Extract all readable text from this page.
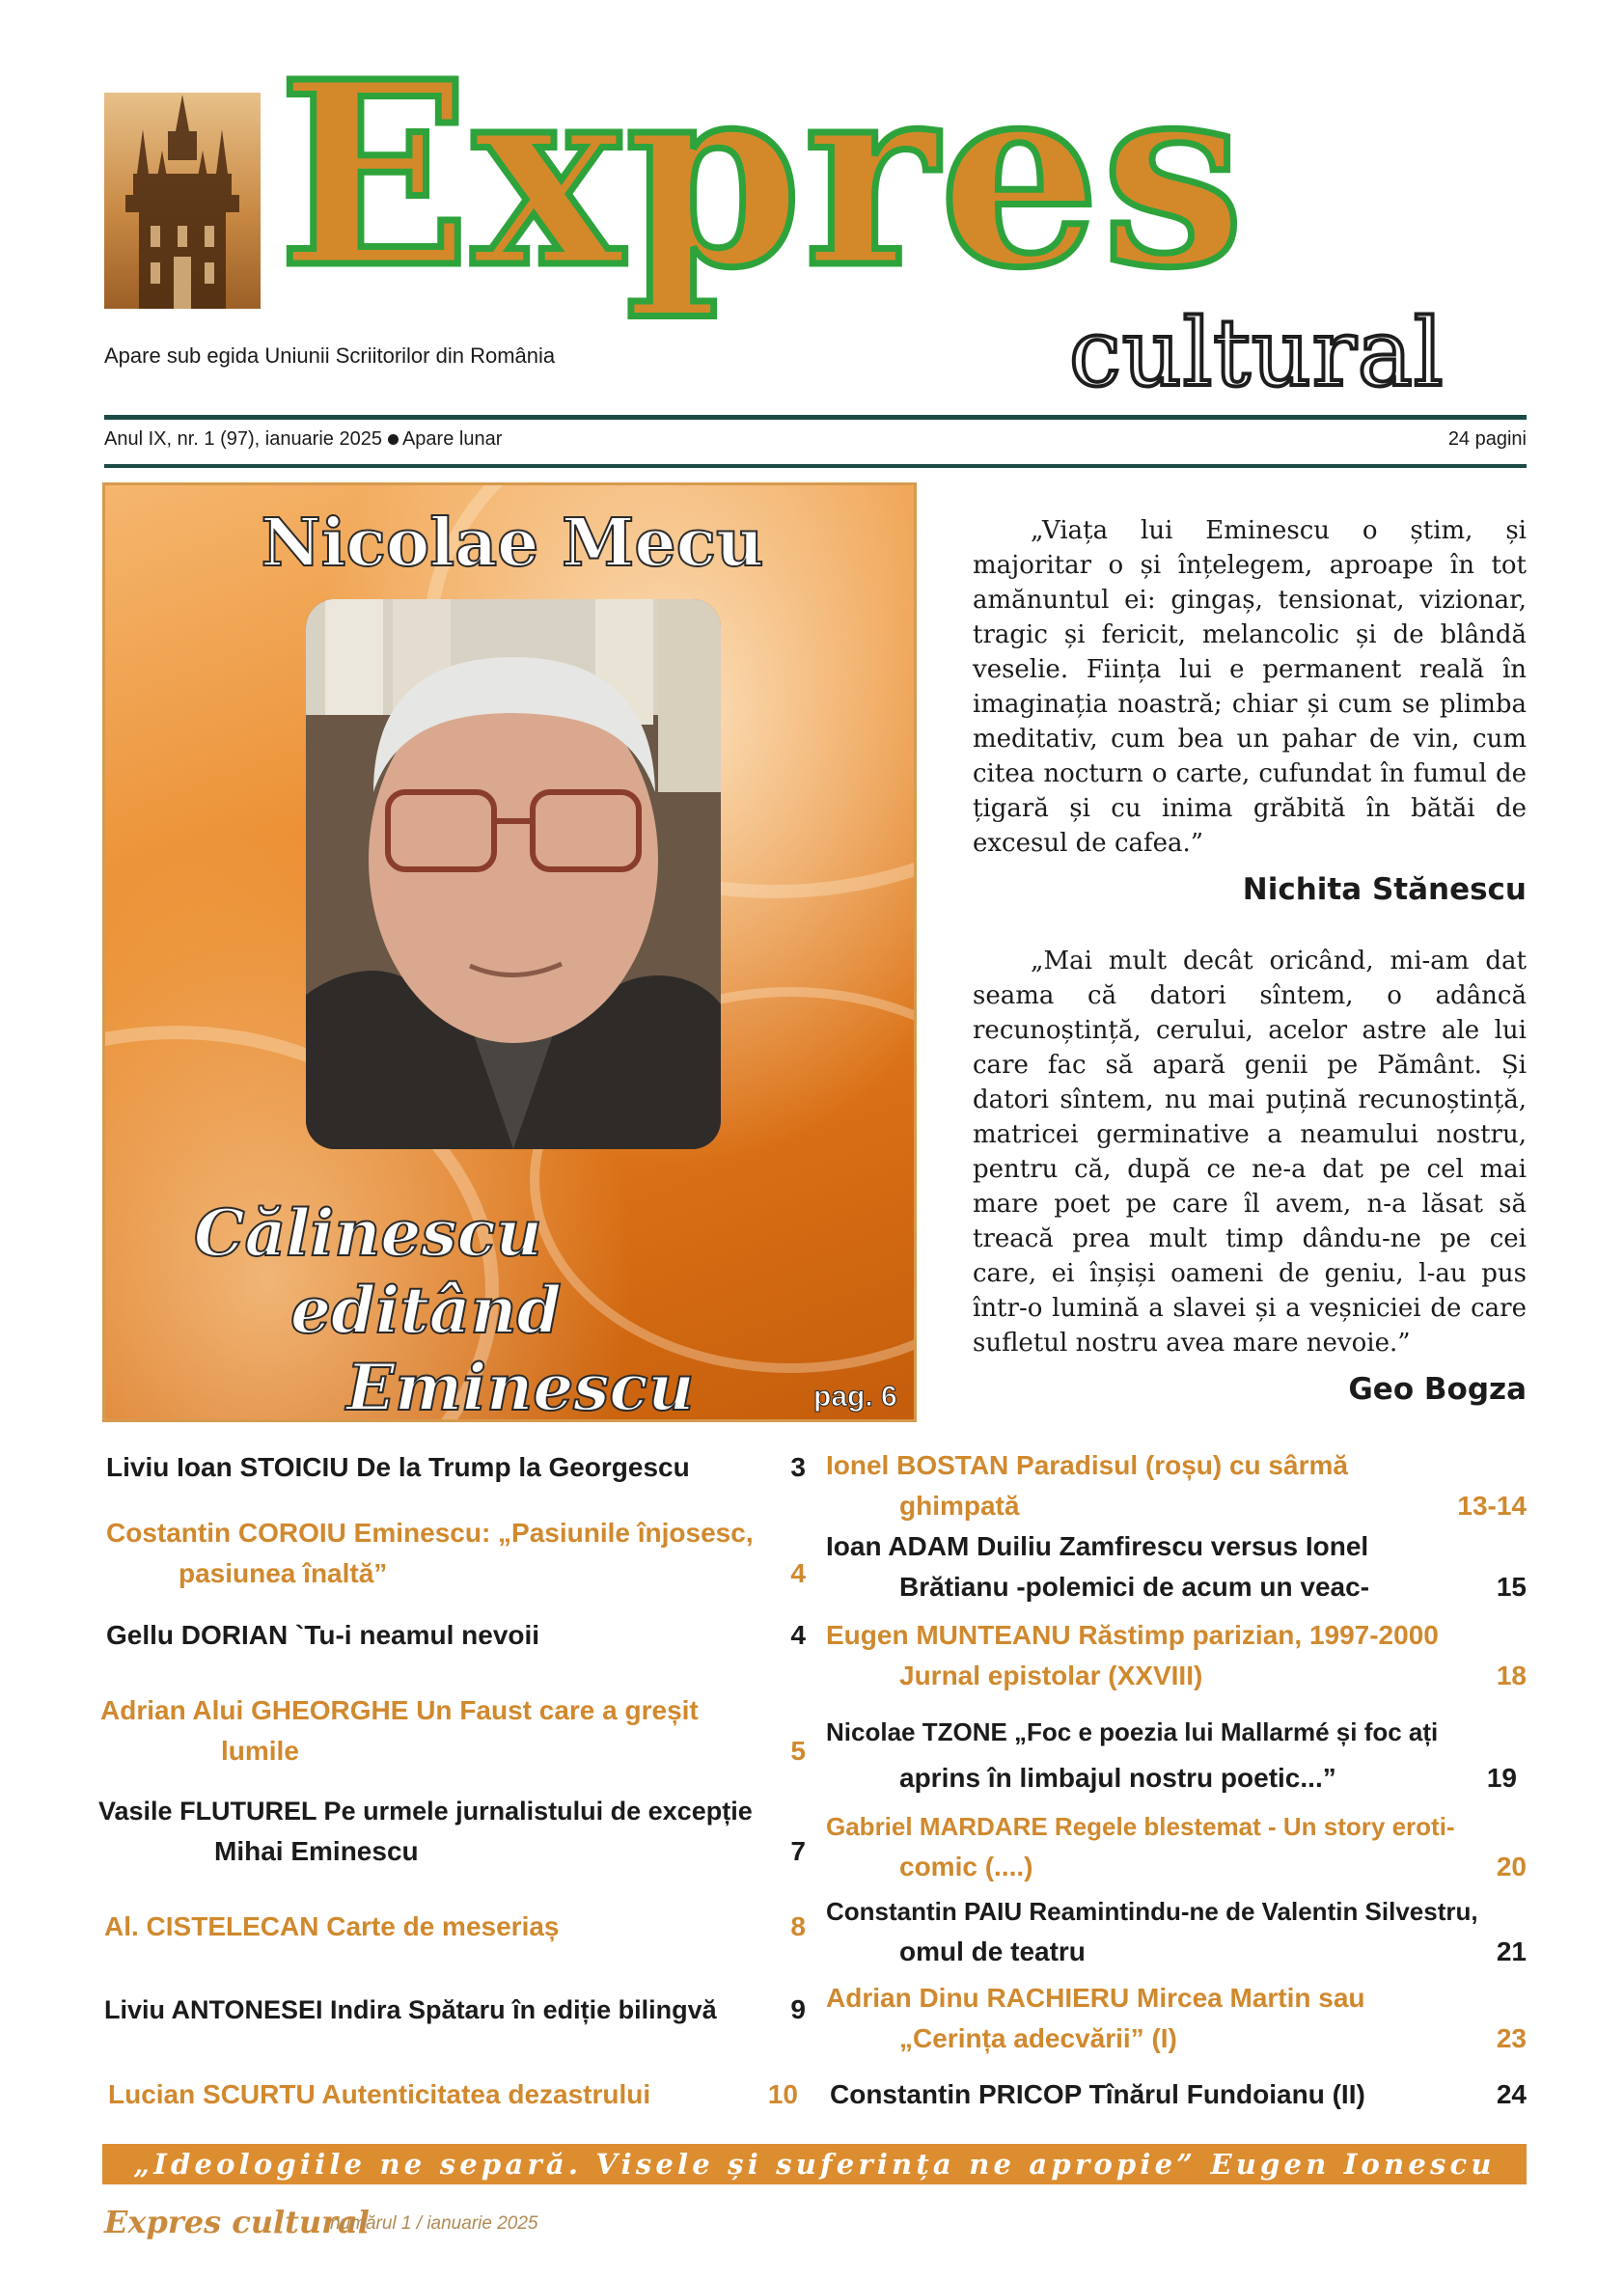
Expres
cultural
Apare sub egida Uniunii Scriitorilor din România
Anul IX, nr. 1 (97), ianuarie 2025 Apare lunar	24 pagini
Nicolae Mecu
Călinescu
editând
Eminescu	pag. 6
„Viața lui Eminescu o știm, și majoritar o și înțelegem, aproape în tot amănuntul ei: gingaș, tensionat, vizionar, tragic și fericit, melancolic și de blândă veselie. Ființa lui e permanent reală în imaginația noastră; chiar și cum se plimba meditativ, cum bea un pahar de vin, cum citea nocturn o carte, cufundat în fumul de țigară și cu inima grăbită în bătăi de excesul de cafea.”
Nichita Stănescu
„Mai mult decât oricând, mi-am dat seama că datori sîntem, o adâncă recunoștință, cerului, acelor astre ale lui care fac să apară genii pe Pământ. Și datori sîntem, nu mai puțină recunoștință, matricei germinative a neamului nostru, pentru că, după ce ne-a dat pe cel mai mare poet pe care îl avem, n-a lăsat să treacă prea mult timp dându-ne pe cei care, ei înșiși oameni de geniu, l-au pus într-o lumină a slavei și a veșniciei de care sufletul nostru avea mare nevoie.”
Geo Bogza
Liviu Ioan STOICIU De la Trump la Georgescu	3
Costantin COROIU Eminescu: „Pasiunile înjosesc,
pasiunea înaltă”	4
Gellu DORIAN `Tu-i neamul nevoii	4
Adrian Alui GHEORGHE Un Faust care a greșit
lumile	5
Vasile FLUTUREL Pe urmele jurnalistului de excepție
Mihai Eminescu	7
Al. CISTELECAN Carte de meseriaș	8
Liviu ANTONESEI Indira Spătaru în ediție bilingvă	9
Lucian SCURTU Autenticitatea dezastrului	10
Ionel BOSTAN Paradisul (roșu) cu sârmă
ghimpată	13-14
Ioan ADAM Duiliu Zamfirescu versus Ionel
Brătianu -polemici de acum un veac-	15
Eugen MUNTEANU Răstimp parizian, 1997-2000
Jurnal epistolar (XXVIII)	18
Nicolae TZONE „Foc e poezia lui Mallarmé și foc ați
aprins în limbajul nostru poetic...”	19
Gabriel MARDARE Regele blestemat - Un story eroti-
comic (....)	20
Constantin PAIU Reamintindu-ne de Valentin Silvestru,
omul de teatru	21
Adrian Dinu RACHIERU Mircea Martin sau
„Cerința adecvării” (I)	23
Constantin PRICOP Tînărul Fundoianu (II)	24
„Ideologiile ne separă. Visele și suferința ne apropie” Eugen Ionescu
Expres cultural
numărul 1 / ianuarie 2025
